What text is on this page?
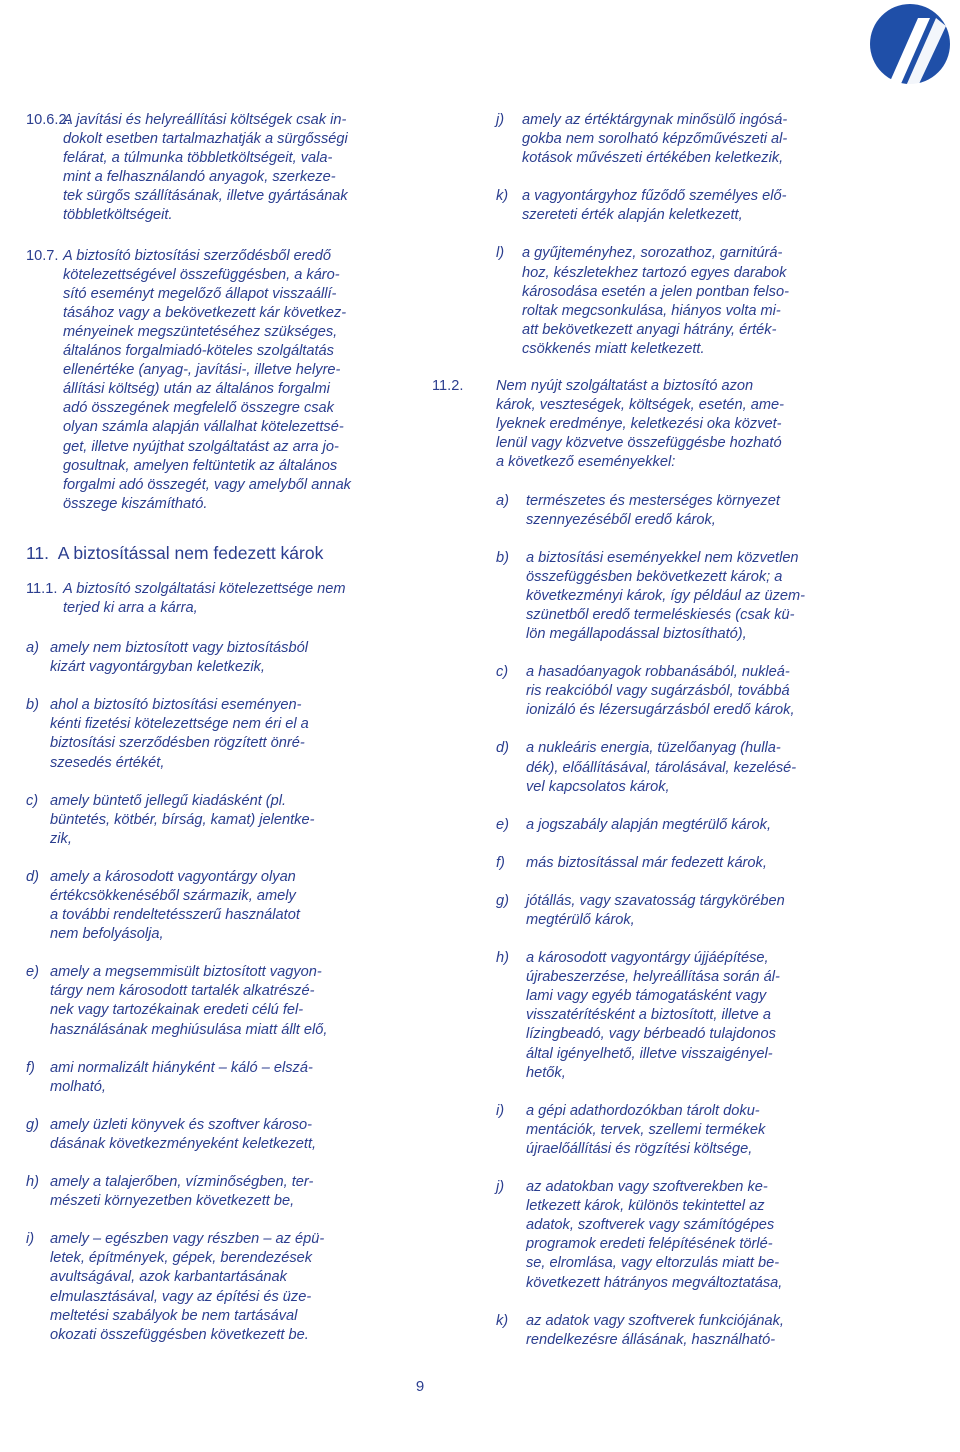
10.6.2.
A javítási és helyreállítási költségek csak in-
dokolt esetben tartalmazhatják a sürgősségi
felárat, a túlmunka többletköltségeit, vala-
mint a felhasználandó anyagok, szerkeze-
tek sürgős szállításának, illetve gyártásának
többletköltségeit.
10.7. A biztosító biztosítási szerződésből eredő
kötelezettségével összefüggésben, a káro-
sító eseményt megelőző állapot visszaállí-
tásához vagy a bekövetkezett kár következ-
ményeinek megszüntetéséhez szükséges,
általános forgalmiadó-köteles szolgáltatás
ellenértéke (anyag-, javítási-, illetve helyre-
állítási költség) után az általános forgalmi
adó összegének megfelelő összegre csak
olyan számla alapján vállalhat kötelezettsé-
get, illetve nyújthat szolgáltatást az arra jo-
gosultnak, amelyen feltüntetik az általános
forgalmi adó összegét, vagy amelyből annak
összege kiszámítható.
11.  A biztosítással nem fedezett károk
11.1. A biztosító szolgáltatási kötelezettsége nem
terjed ki arra a kárra,
a) amely nem biztosított vagy biztosításból
kizárt vagyontárgyban keletkezik,
b) ahol a biztosító biztosítási eseményen-
kénti fizetési kötelezettsége nem éri el a
biztosítási szerződésben rögzített önré-
szesedés értékét,
c) amely büntető jellegű kiadásként (pl.
büntetés, kötbér, bírság, kamat) jelentke-
zik,
d) amely a károsodott vagyontárgy olyan
értékcsökkenéséből származik, amely
a további rendeltetésszerű használatot
nem befolyásolja,
e) amely a megsemmisült biztosított vagyon-
tárgy nem károsodott tartalék alkatrészé-
nek vagy tartozékainak eredeti célú fel-
használásának meghiúsulása miatt állt elő,
f) ami normalizált hiányként – káló – elszá-
molható,
g) amely üzleti könyvek és szoftver károso-
dásának következményeként keletkezett,
h) amely a talajerőben, vízminőségben, ter-
mészeti környezetben következett be,
i) amely – egészben vagy részben – az épü-
letek, építmények, gépek, berendezések
avultságával, azok karbantartásának
elmulasztásával, vagy az építési és üze-
meltetési szabályok be nem tartásával
okozati összefüggésben következett be.
j) amely az értéktárgynak minősülő ingósá-
gokba nem sorolható képzőművészeti al-
kotások művészeti értékében keletkezik,
k) a vagyontárgyhoz fűződő személyes elő-
szereteti érték alapján keletkezett,
l) a gyűjteményhez, sorozathoz, garnitúrá-
hoz, készletekhez tartozó egyes darabok
károsodása esetén a jelen pontban felso-
roltak megcsonkulása, hiányos volta mi-
att bekövetkezett anyagi hátrány, érték-
csökkenés miatt keletkezett.
11.2. Nem nyújt szolgáltatást a biztosító azon
károk, veszteségek, költségek, esetén, ame-
lyeknek eredménye, keletkezési oka közvet-
lenül vagy közvetve összefüggésbe hozható
a következő eseményekkel:
a) természetes és mesterséges környezet
szennyezéséből eredő károk,
b) a biztosítási eseményekkel nem közvetlen
összefüggésben bekövetkezett károk; a
következményi károk, így például az üzem-
szünetből eredő termeléskiesés (csak kü-
lön megállapodással biztosítható),
c) a hasadóanyagok robbanásából, nukleá-
ris reakcióból vagy sugárzásból, továbbá
ionizáló és lézersugárzásból eredő károk,
d) a nukleáris energia, tüzelőanyag (hulla-
dék), előállításával, tárolásával, kezelésé-
vel kapcsolatos károk,
e) a jogszabály alapján megtérülő károk,
f) más biztosítással már fedezett károk,
g) jótállás, vagy szavatosság tárgykörében
megtérülő károk,
h) a károsodott vagyontárgy újjáépítése,
újrabeszerzése, helyreállítása során ál-
lami vagy egyéb támogatásként vagy
visszatérítésként a biztosított, illetve a
lízingbeadó, vagy bérbeadó tulajdonos
által igényelhető, illetve visszaigényel-
hetők,
i) a gépi adathordozókban tárolt doku-
mentációk, tervek, szellemi termékek
újraelőállítási és rögzítési költsége,
j) az adatokban vagy szoftverekben ke-
letkezett károk, különös tekintettel az
adatok, szoftverek vagy számítógépes
programok eredeti felépítésének törlé-
se, elromlása, vagy eltorzulás miatt be-
következett hátrányos megváltoztatása,
k) az adatok vagy szoftverek funkciójának,
rendelkezésre állásának, használható-
9
